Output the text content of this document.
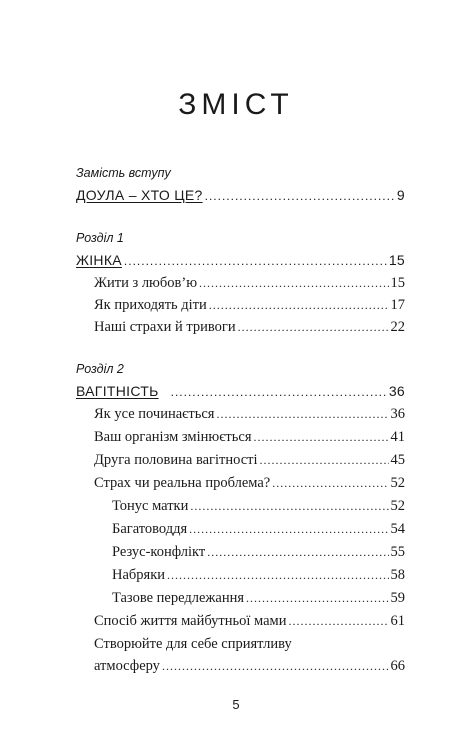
ЗМІСТ
Замість вступу
ДОУЛА – ХТО ЦЕ? .....	9
Розділ 1
ЖІНКА .....	15
Жити з любов’ю .....	15
Як приходять діти .....	17
Наші страхи й тривоги .....	22
Розділ 2
ВАГІТНІСТЬ .....	36
Як усе починається .....	36
Ваш організм змінюється .....	41
Друга половина вагітності .....	45
Страх чи реальна проблема? .....	52
Тонус матки .....	52
Багатоводдя .....	54
Резус-конфлікт .....	55
Набряки .....	58
Тазове передлежання .....	59
Спосіб життя майбутньої мами .....	61
Створюйте для себе сприятливу
атмосферу .....	66
5
